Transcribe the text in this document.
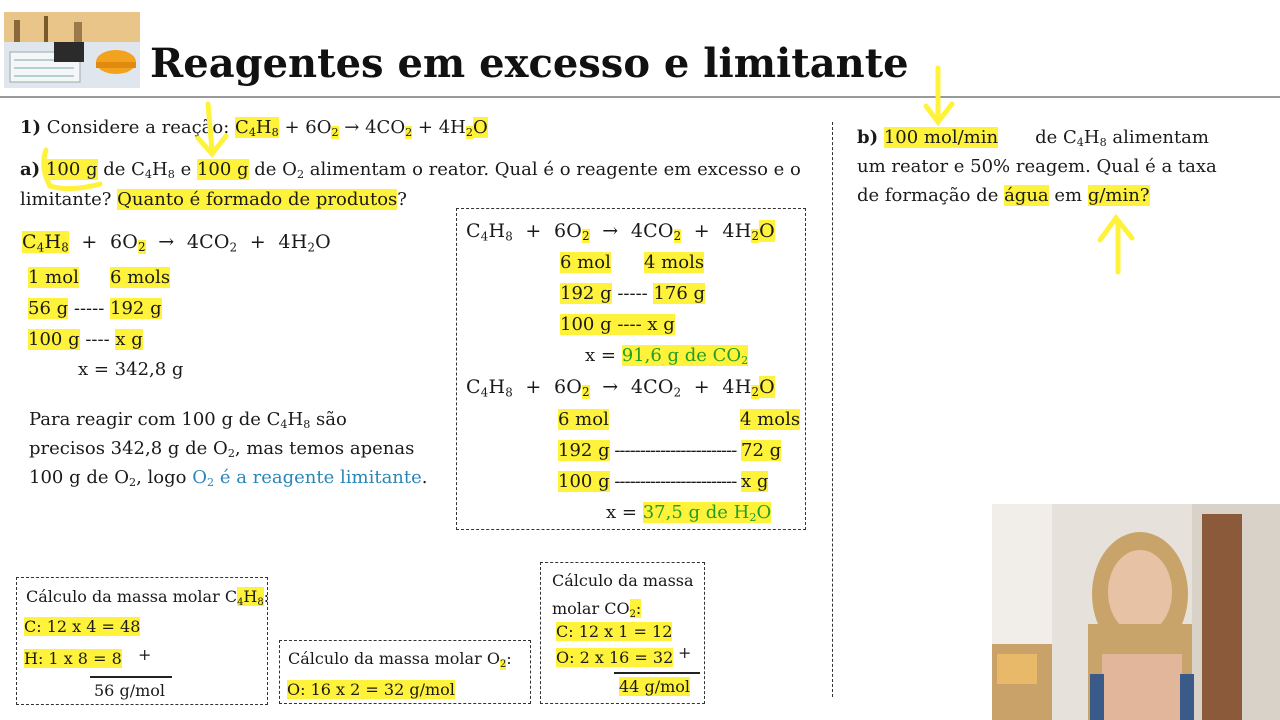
Reagentes em excesso e limitante
1) Considere a reação: $C_4H_8 + 6O_2 \to 4CO_2 + 4H_2O$
a) 100 g de $C_4H_8$ e 100 g de $O_2$ alimentam o reator. Qual é o reagente em excesso e o
limitante? Quanto é formado de produtos?
$C_4H_8 + 6O_2 \to 4CO_2 + 4H_2O$
1 mol 6 mols
56 g ----- 192 g
100 g ---- x g
x = 342,8 g
Para reagir com 100 g de $C_4H_8$ são
precisos 342,8 g de $O_2$, mas temos apenas
100 g de $O_2$, logo $O_2$ é a reagente limitante.
$C_4H_8 + 6O_2 \to 4CO_2 + 4H_2O$
6 mol 4 mols
192 g ----- 176 g
100 g ---- x g
x = 91,6 g de $CO_2$
$C_4H_8 + 6O_2 \to 4CO_2 + 4H_2O$
6 mol	4 mols
192 g ------------------------ 72 g
100 g ------------------------ x g
x = 37,5 g de $H_2O$
b) 100 mol/min de $C_4H_8$ alimentam
um reator e 50% reagem. Qual é a taxa
de formação de água em g/min?
Cálculo da massa molar $C_4H_8$:
C: 12 x 4 = 48
H: 1 x 8 = 8 +
56 g/mol
Cálculo da massa molar $O_2$:
O: 16 x 2 = 32 g/mol
Cálculo da massa
molar $CO_2$:
C: 12 x 1 = 12
O: 2 x 16 = 32 +
44 g/mol
